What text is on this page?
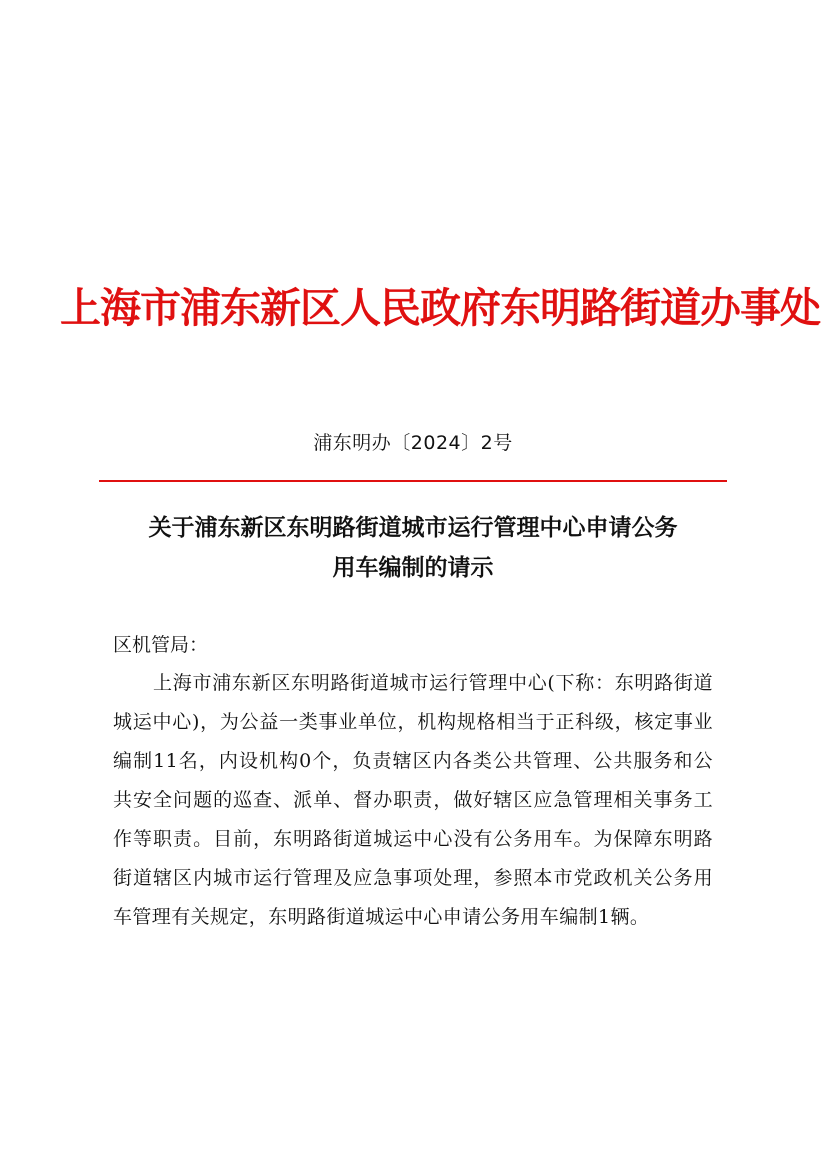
上海市浦东新区人民政府东明路街道办事处
浦东明办〔2024〕2号
关于浦东新区东明路街道城市运行管理中心申请公务
用车编制的请示
区机管局：
上海市浦东新区东明路街道城市运行管理中心(下称：东明路街道城运中心)，为公益一类事业单位，机构规格相当于正科级，核定事业编制11名，内设机构0个，负责辖区内各类公共管理、公共服务和公共安全问题的巡查、派单、督办职责，做好辖区应急管理相关事务工作等职责。目前，东明路街道城运中心没有公务用车。为保障东明路街道辖区内城市运行管理及应急事项处理，参照本市党政机关公务用车管理有关规定，东明路街道城运中心申请公务用车编制1辆。
